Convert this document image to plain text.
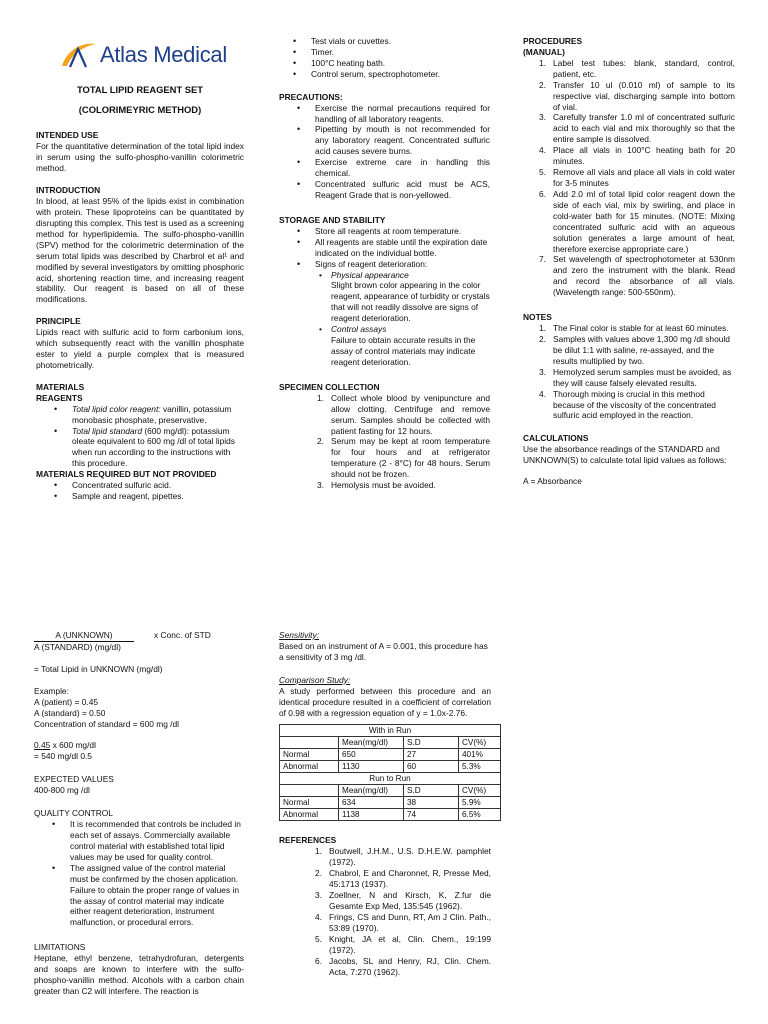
Atlas Medical
TOTAL LIPID REAGENT SET
(COLORIMEYRIC METHOD)

INTENDED USE

For the quantitative determination of the total lipid index in serum using the sulfo-phospho-vanillin colorimetric method.

INTRODUCTION

In blood, at least 95% of the lipids exist in combination with protein. These lipoproteins can be quantitated by disrupting this complex. This test is used as a screening method for hyperlipidemia. The sulfo-phospho-vanillin (SPV) method for the colorimetric determination of the serum total lipids was described by Charbrol et al¹ and modified by several investigators by omitting phosphoric acid, shortening reaction time, and increasing reagent stability. Our reagent is based on all of these modifications.

PRINCIPLE

Lipids react with sulfuric acid to form carbonium ions, which subsequently react with the vanillin phosphate ester to yield a purple complex that is measured photometrically.

MATERIALS

REAGENTS

• Total lipid color reagent: vanillin, potassium monobasic phosphate, preservative.
• Total lipid standard (600 mg/dl): potassium oleate equivalent to 600 mg /dl of total lipids when run according to the instructions with this procedure.

MATERIALS REQUIRED BUT NOT PROVIDED

• Concentrated sulfuric acid.
• Sample and reagent, pipettes.
• Test vials or cuvettes.
• Timer.
• 100°C heating bath.
• Control serum, spectrophotometer.

PRECAUTIONS:

• Exercise the normal precautions required for handling of all laboratory reagents.
• Pipetting by mouth is not recommended for any laboratory reagent. Concentrated sulfuric acid causes severe burns.
• Exercise extreme care in handling this chemical.
• Concentrated sulfuric acid must be ACS, Reagent Grade that is non-yellowed.

STORAGE AND STABILITY

• Store all reagents at room temperature.
• All reagents are stable until the expiration date indicated on the individual bottle.
• Signs of reagent deterioration:
• Physical appearance
Slight brown color appearing in the color reagent, appearance of turbidity or crystals that will not readily dissolve are signs of reagent deterioration.
• Control assays
Failure to obtain accurate results in the assay of control materials may indicate reagent deterioration.

SPECIMEN COLLECTION

1. Collect whole blood by venipuncture and allow clotting. Centrifuge and remove serum. Samples should be collected with patient fasting for 12 hours.
2. Serum may be kept at room temperature for four hours and at refrigerator temperature (2 - 8°C) for 48 hours. Serum should not be frozen.
3. Hemolysis must be avoided.

PROCEDURES

(MANUAL)

1. Label test tubes: blank, standard, control, patient, etc.
2. Transfer 10 ul (0.010 ml) of sample to its respective vial, discharging sample into bottom of vial.
3. Carefully transfer 1.0 ml of concentrated sulfuric acid to each vial and mix thoroughly so that the entire sample is dissolved.
4. Place all vials in 100°C heating bath for 20 minutes.
5. Remove all vials and place all vials in cold water for 3-5 minutes
6. Add 2.0 ml of total lipid color reagent down the side of each vial, mix by swirling, and place in cold-water bath for 15 minutes. (NOTE: Mixing concentrated sulfuric acid with an aqueous solution generates a large amount of heat, therefore exercise appropriate care.)
7. Set wavelength of spectrophotometer at 530nm and zero the instrument with the blank. Read and record the absorbance of all vials. (Wavelength range: 500-550nm).

NOTES

1. The Final color is stable for at least 60 minutes.
2. Samples with values above 1,300 mg /dl should be dilut 1:1 with saline, re-assayed, and the results multiplied by two.
3. Hemolyzed serum samples must be avoided, as they will cause falsely elevated results.
4. Thorough mixing is crucial in this method because of the viscosity of the concentrated sulfuric acid employed in the reaction.

CALCULATIONS

Use the absorbance readings of the STANDARD and UNKNOWN(S) to calculate total lipid values as follows:

A = Absorbance

A (UNKNOWN)	x Conc. of STD

A (STANDARD) (mg/dl)

= Total Lipid in UNKNOWN (mg/dl)

Example:

A (patient) = 0.45

A (standard) = 0.50

Concentration of standard = 600 mg /dl

0.45 x 600 mg/dl

= 540 mg/dl 0.5

EXPECTED VALUES

400-800 mg /dl

QUALITY CONTROL

• It is recommended that controls be included in each set of assays. Commercially available control material with established total lipid values may be used for quality control.
• The assigned value of the control material must be confirmed by the chosen application. Failure to obtain the proper range of values in the assay of control material may indicate either reagent deterioration, instrument malfunction, or procedural errors.

LIMITATIONS

Heptane, ethyl benzene, tetrahydrofuran, detergents and soaps are known to interfere with the sulfo-phospho-vanillin method. Alcohols with a carbon chain greater than C2 will interfere. The reaction is

Sensitivity:

Based on an instrument of A = 0.001, this procedure has a sensitivity of 3 mg /dl.

Comparison Study:

A study performed between this procedure and an identical procedure resulted in a coefficient of correlation of 0.98 with a regression equation of y = 1.0x-2.76.

With in Run			
	Mean(mg/dl)	S.D	CV(%)
Normal	650	27	401%
Abnormal	1130	60	5.3%
Run to Run			
	Mean(mg/dl)	S.D	CV(%)
Normal	634	38	5.9%
Abnormal	1138	74	6.5%

REFERENCES

1. Boutwell, J.H.M., U.S. D.H.E.W. pamphlet (1972).
2. Chabrol, E and Charonnet, R, Presse Med, 45:1713 (1937).
3. Zoellner, N and Kirsch, K, Z.fur die Gesamte Exp Med, 135:545 (1962).
4. Frings, CS and Dunn, RT, Am J Clin. Path., 53:89 (1970).
5. Knight, JA et al, Clin. Chem., 19:199 (1972).
6. Jacobs, SL and Henry, RJ, Clin. Chem. Acta, 7:270 (1962).
